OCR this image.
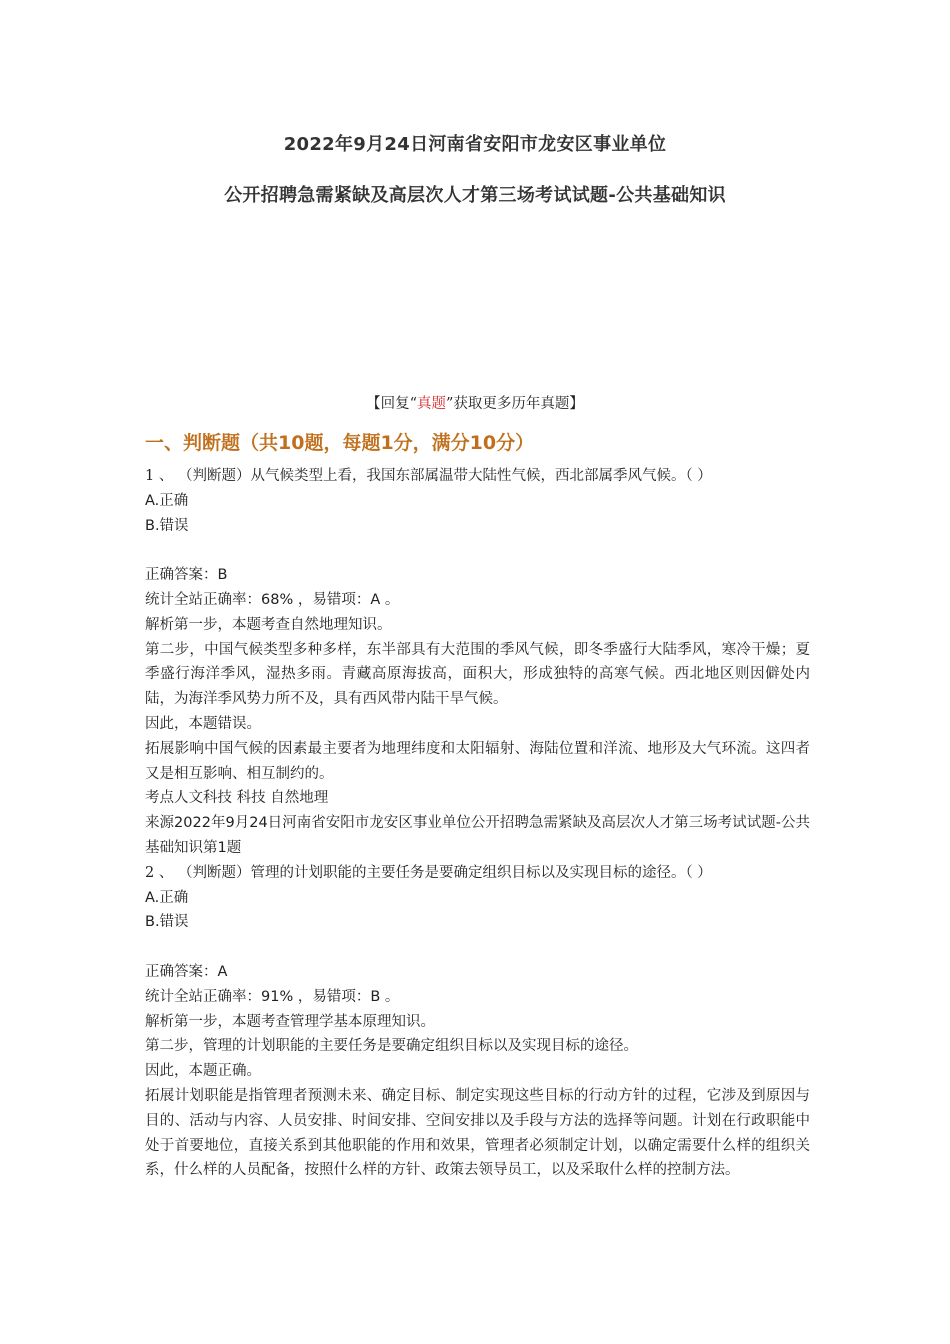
2022年9月24日河南省安阳市龙安区事业单位
公开招聘急需紧缺及高层次人才第三场考试试题-公共基础知识
【回复“真题”获取更多历年真题】
一、判断题（共10题，每题1分，满分10分）
1 、 （判断题）从气候类型上看，我国东部属温带大陆性气候，西北部属季风气候。（ ）
A.正确
B.错误
正确答案：B
统计全站正确率：68% ，易错项：A 。
解析第一步，本题考查自然地理知识。
第二步，中国气候类型多种多样，东半部具有大范围的季风气候，即冬季盛行大陆季风，寒冷干燥；夏季盛行海洋季风，湿热多雨。青藏高原海拔高，面积大，形成独特的高寒气候。西北地区则因僻处内陆，为海洋季风势力所不及，具有西风带内陆干旱气候。
因此，本题错误。
拓展影响中国气候的因素最主要者为地理纬度和太阳辐射、海陆位置和洋流、地形及大气环流。这四者又是相互影响、相互制约的。
考点人文科技 科技 自然地理
来源2022年9月24日河南省安阳市龙安区事业单位公开招聘急需紧缺及高层次人才第三场考试试题-公共基础知识第1题
2 、 （判断题）管理的计划职能的主要任务是要确定组织目标以及实现目标的途径。（ ）
A.正确
B.错误
正确答案：A
统计全站正确率：91% ，易错项：B 。
解析第一步，本题考查管理学基本原理知识。
第二步，管理的计划职能的主要任务是要确定组织目标以及实现目标的途径。
因此，本题正确。
拓展计划职能是指管理者预测未来、确定目标、制定实现这些目标的行动方针的过程，它涉及到原因与目的、活动与内容、人员安排、时间安排、空间安排以及手段与方法的选择等问题。计划在行政职能中处于首要地位，直接关系到其他职能的作用和效果，管理者必须制定计划，以确定需要什么样的组织关系，什么样的人员配备，按照什么样的方针、政策去领导员工，以及采取什么样的控制方法。
